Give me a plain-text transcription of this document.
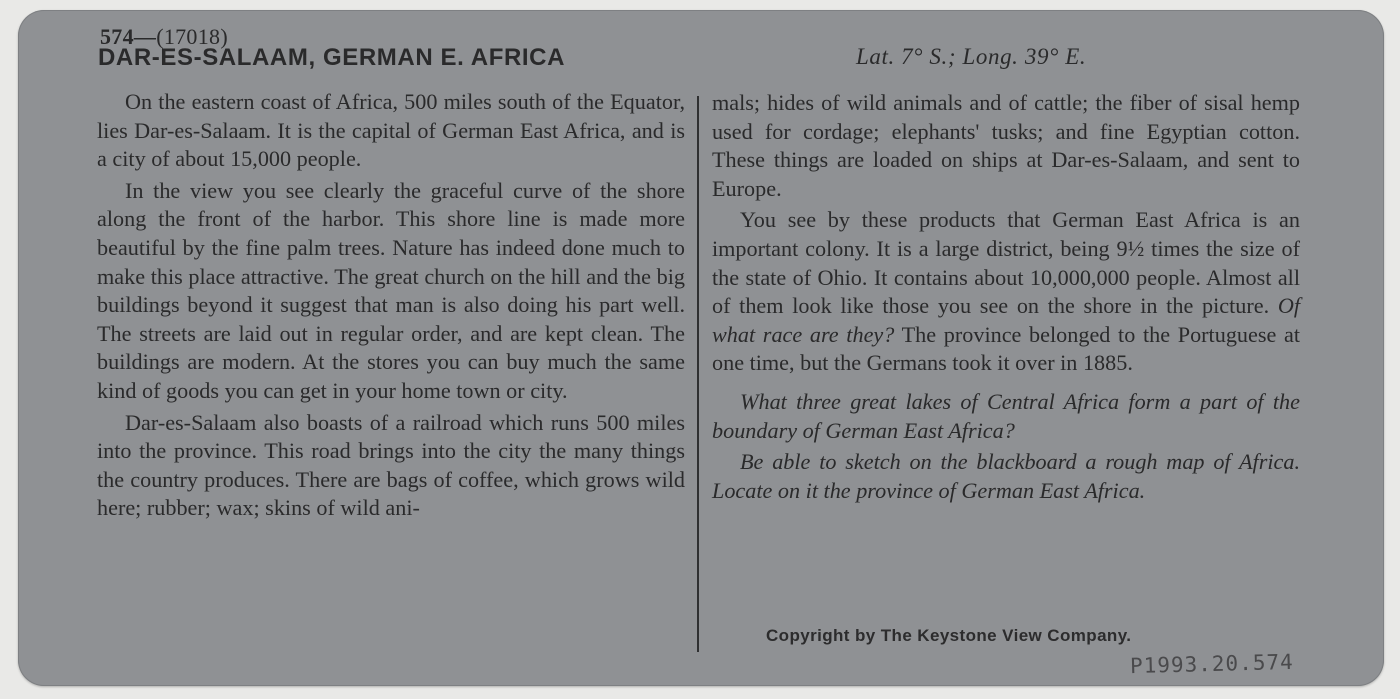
574—(17018)
DAR-ES-SALAAM, GERMAN E. AFRICA	Lat. 7° S.; Long. 39° E.

On the eastern coast of Africa, 500 miles south of the Equator, lies Dar-es-Salaam. It is the capital of German East Africa, and is a city of about 15,000 people.

In the view you see clearly the graceful curve of the shore along the front of the harbor. This shore line is made more beautiful by the fine palm trees. Nature has indeed done much to make this place attractive. The great church on the hill and the big buildings beyond it suggest that man is also doing his part well. The streets are laid out in regular order, and are kept clean. The buildings are modern. At the stores you can buy much the same kind of goods you can get in your home town or city.

Dar-es-Salaam also boasts of a railroad which runs 500 miles into the province. This road brings into the city the many things the country produces. There are bags of coffee, which grows wild here; rubber; wax; skins of wild ani-

mals; hides of wild animals and of cattle; the fiber of sisal hemp used for cordage; elephants' tusks; and fine Egyptian cotton. These things are loaded on ships at Dar-es-Salaam, and sent to Europe.

You see by these products that German East Africa is an important colony. It is a large district, being 9½ times the size of the state of Ohio. It contains about 10,000,000 people. Almost all of them look like those you see on the shore in the picture. Of what race are they? The province belonged to the Portuguese at one time, but the Germans took it over in 1885.

What three great lakes of Central Africa form a part of the boundary of German East Africa?

Be able to sketch on the blackboard a rough map of Africa. Locate on it the province of German East Africa.

Copyright by The Keystone View Company.
P1993.20.574
